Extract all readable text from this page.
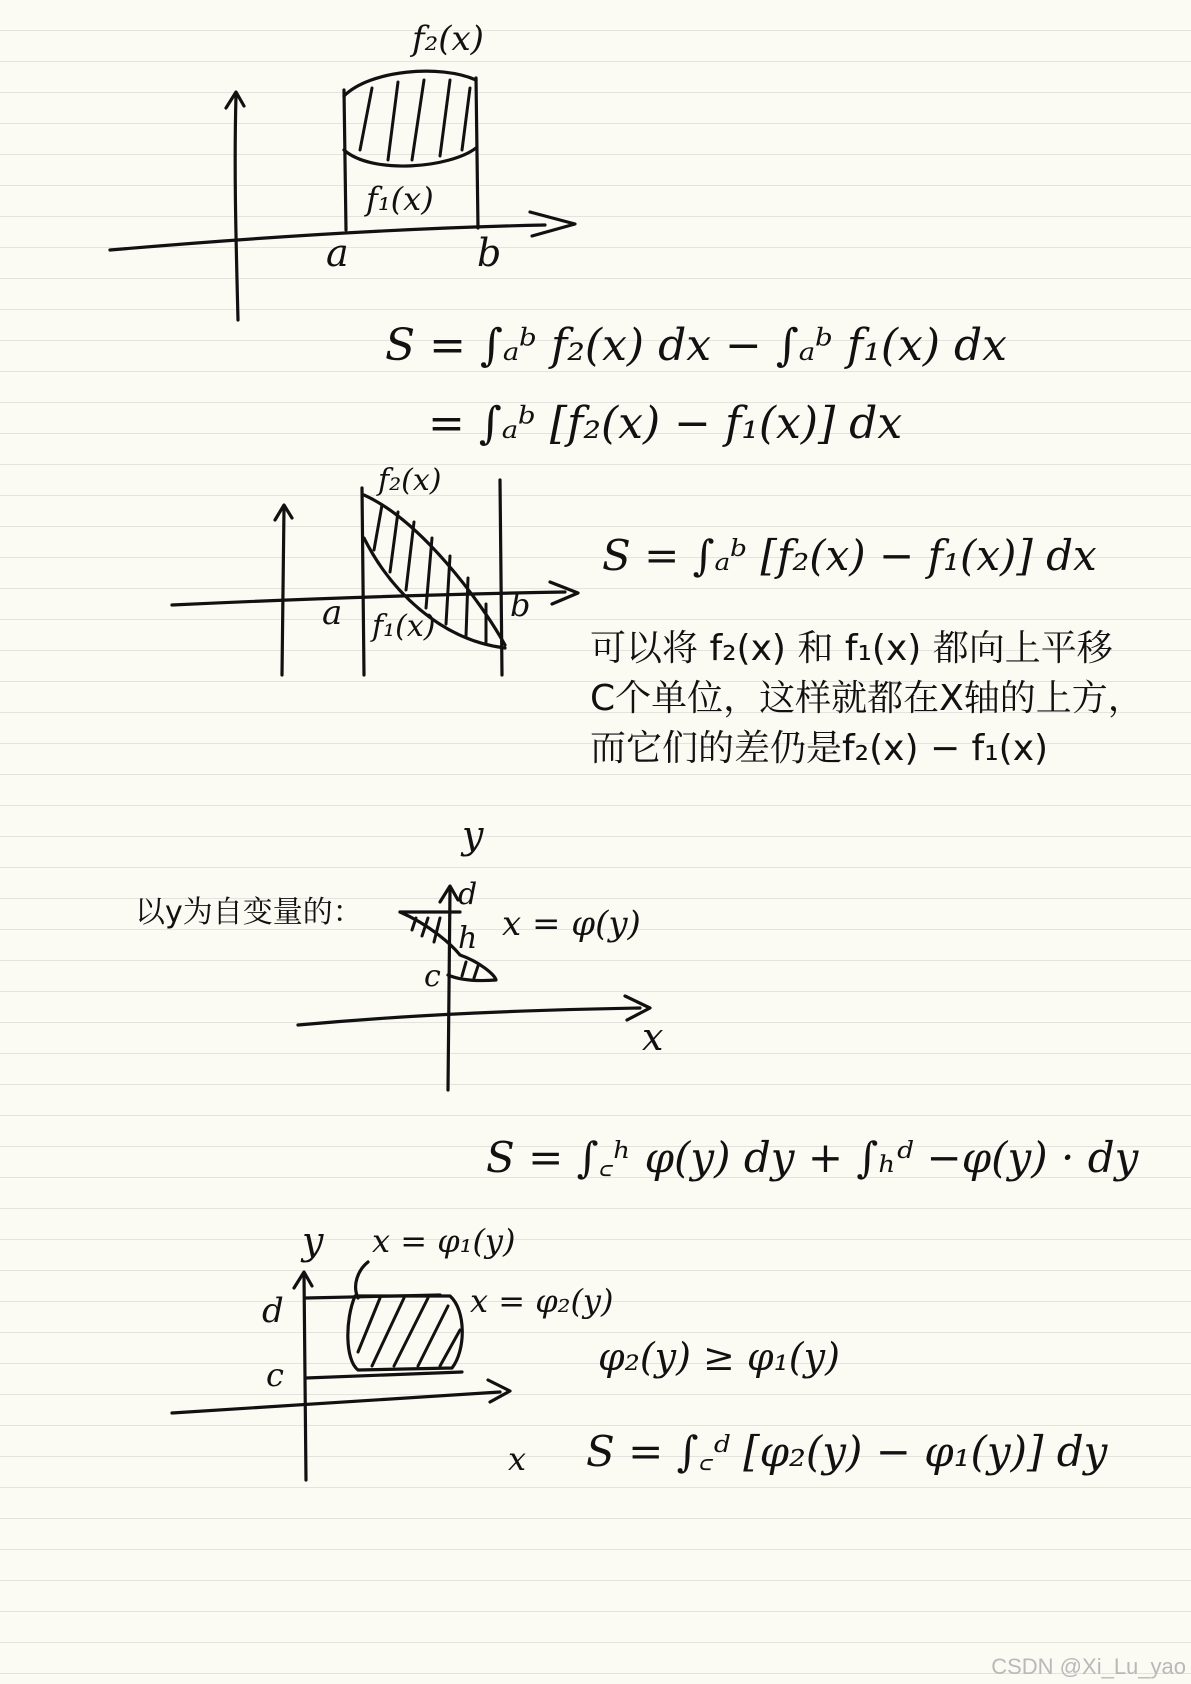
f₂(x)
f₁(x)
a	b
S = ∫ₐᵇ f₂(x) dx − ∫ₐᵇ f₁(x) dx
= ∫ₐᵇ [f₂(x) − f₁(x)] dx
f₂(x)
f₁(x)
a	b
S = ∫ₐᵇ [f₂(x) − f₁(x)] dx
可以将 f₂(x) 和 f₁(x) 都向上平移
C个单位，这样就都在X轴的上方，
而它们的差仍是f₂(x) − f₁(x)
以y为自变量的：
y
x
d
h
c
x = φ(y)
S = ∫꜀ʰ φ(y) dy + ∫ₕᵈ −φ(y) · dy
y
x
d
c
x = φ₁(y)
x = φ₂(y)
φ₂(y) ≥ φ₁(y)
S = ∫꜀ᵈ [φ₂(y) − φ₁(y)] dy
CSDN @Xi_Lu_yao
